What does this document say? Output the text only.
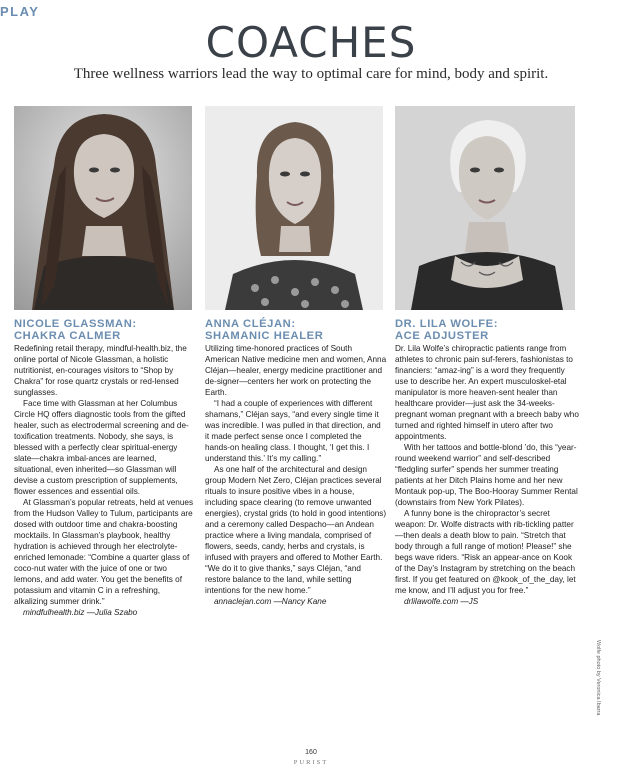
PLAY
COACHES
Three wellness warriors lead the way to optimal care for mind, body and spirit.
NICOLE GLASSMAN:
CHAKRA CALMER

Redefining retail therapy, mindful-health.biz, the online portal of Nicole Glassman, a holistic nutritionist, en-courages visitors to “Shop by Chakra” for rose quartz crystals or red-lensed sunglasses.

Face time with Glassman at her Columbus Circle HQ offers diagnostic tools from the gifted healer, such as electrodermal screening and de-toxification treatments. Nobody, she says, is blessed with a perfectly clear spiritual-energy slate—chakra imbal-ances are learned, situational, even inherited—so Glassman will devise a custom prescription of supplements, flower essences and essential oils.

At Glassman’s popular retreats, held at venues from the Hudson Valley to Tulum, participants are dosed with outdoor time and chakra-boosting mocktails. In Glassman’s playbook, healthy hydration is achieved through her electrolyte-enriched lemonade: “Combine a quarter glass of coco-nut water with the juice of one or two lemons, and add water. You get the benefits of potassium and vitamin C in a refreshing, alkalizing summer drink.”

mindfulhealth.biz —Julia Szabo

ANNA CLÉJAN:
SHAMANIC HEALER

Utilizing time-honored practices of South American Native medicine men and women, Anna Cléjan—healer, energy medicine practitioner and de-signer—centers her work on protecting the Earth.

“I had a couple of experiences with different shamans,” Cléjan says, “and every single time it was incredible. I was pulled in that direction, and it made perfect sense once I completed the hands-on healing class. I thought, ‘I get this. I understand this.’ It’s my calling.”

As one half of the architectural and design group Modern Net Zero, Cléjan practices several rituals to insure positive vibes in a house, including space clearing (to remove unwanted energies), crystal grids (to hold in good intentions) and a ceremony called Despacho—an Andean practice where a living mandala, comprised of flowers, seeds, candy, herbs and crystals, is infused with prayers and offered to Mother Earth. “We do it to give thanks,” says Cléjan, “and restore balance to the land, while setting intentions for the new home.”

annaclejan.com —Nancy Kane

DR. LILA WOLFE:
ACE ADJUSTER

Dr. Lila Wolfe’s chiropractic patients range from athletes to chronic pain suf-ferers, fashionistas to financiers: “amaz-ing” is a word they frequently use to describe her. An expert musculoskel-etal manipulator is more heaven-sent healer than healthcare provider—just ask the 34-weeks-pregnant woman pregnant with a breech baby who turned and righted himself in utero after two appointments.

With her tattoos and bottle-blond ’do, this “year-round weekend warrior” and self-described “fledgling surfer” spends her summer treating patients at her Ditch Plains home and her new Montauk pop-up, The Boo-Hooray Summer Rental (downstairs from New York Pilates).

A funny bone is the chiropractor’s secret weapon: Dr. Wolfe distracts with rib-tickling patter—then deals a death blow to pain. “Stretch that body through a full range of motion! Please!” she begs wave riders. “Risk an appear-ance on Kook of the Day’s Instagram by stretching on the beach first. If you get featured on @kook_of_the_day, let me know, and I’ll adjust you for free.”

drlilawolfe.com —JS

Wolfe photo by Veronica Ibarra
160
PURIST
